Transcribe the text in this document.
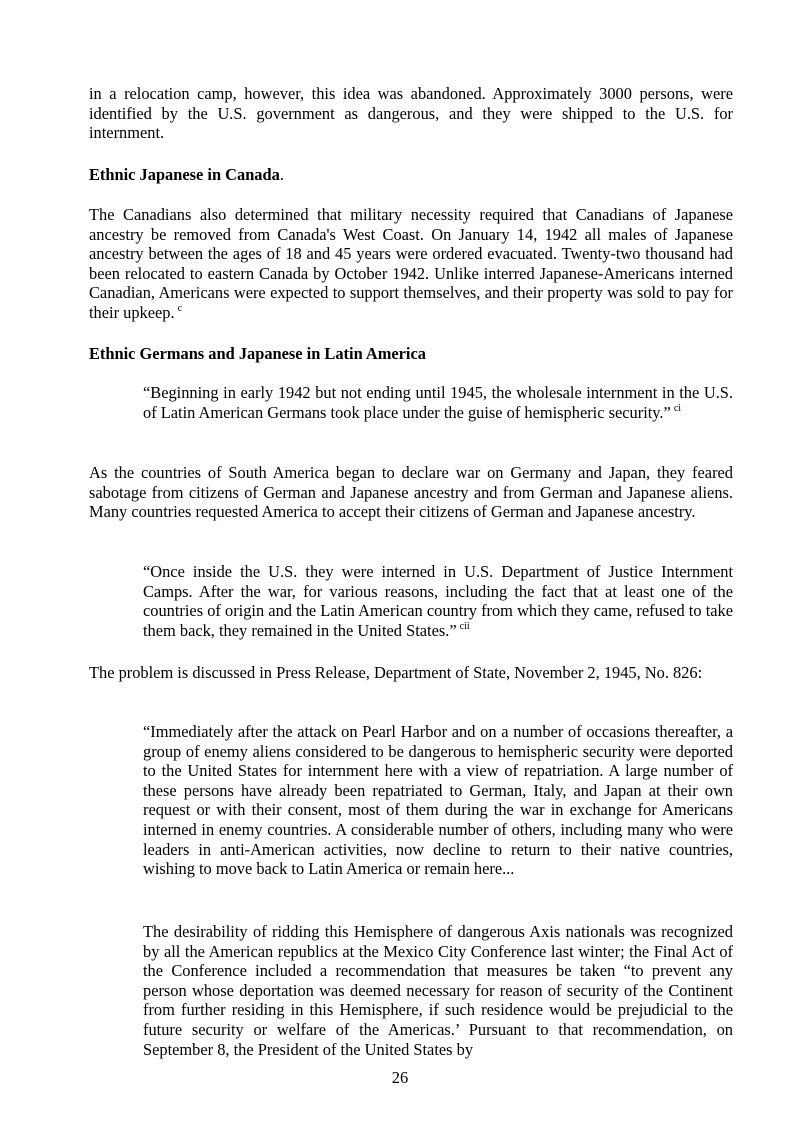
in a relocation camp, however, this idea was abandoned. Approximately 3000 persons, were identified by the U.S. government as dangerous, and they were shipped to the U.S. for internment.

Ethnic Japanese in Canada.

The Canadians also determined that military necessity required that Canadians of Japanese ancestry be removed from Canada's West Coast. On January 14, 1942 all males of Japanese ancestry between the ages of 18 and 45 years were ordered evacuated. Twenty-two thousand had been relocated to eastern Canada by October 1942. Unlike interred Japanese-Americans interned Canadian, Americans were expected to support themselves, and their property was sold to pay for their upkeep. $^c$

Ethnic Germans and Japanese in Latin America

“Beginning in early 1942 but not ending until 1945, the wholesale internment in the U.S. of Latin American Germans took place under the guise of hemispheric security.” $^{ci}$

As the countries of South America began to declare war on Germany and Japan, they feared sabotage from citizens of German and Japanese ancestry and from German and Japanese aliens. Many countries requested America to accept their citizens of German and Japanese ancestry.

“Once inside the U.S. they were interned in U.S. Department of Justice Internment Camps. After the war, for various reasons, including the fact that at least one of the countries of origin and the Latin American country from which they came, refused to take them back, they remained in the United States.” $^{cii}$

The problem is discussed in Press Release, Department of State, November 2, 1945, No. 826:

“Immediately after the attack on Pearl Harbor and on a number of occasions thereafter, a group of enemy aliens considered to be dangerous to hemispheric security were deported to the United States for internment here with a view of repatriation. A large number of these persons have already been repatriated to German, Italy, and Japan at their own request or with their consent, most of them during the war in exchange for Americans interned in enemy countries. A considerable number of others, including many who were leaders in anti-American activities, now decline to return to their native countries, wishing to move back to Latin America or remain here...

The desirability of ridding this Hemisphere of dangerous Axis nationals was recognized by all the American republics at the Mexico City Conference last winter; the Final Act of the Conference included a recommendation that measures be taken “to prevent any person whose deportation was deemed necessary for reason of security of the Continent from further residing in this Hemisphere, if such residence would be prejudicial to the future security or welfare of the Americas.’ Pursuant to that recommendation, on September 8, the President of the United States by

26
